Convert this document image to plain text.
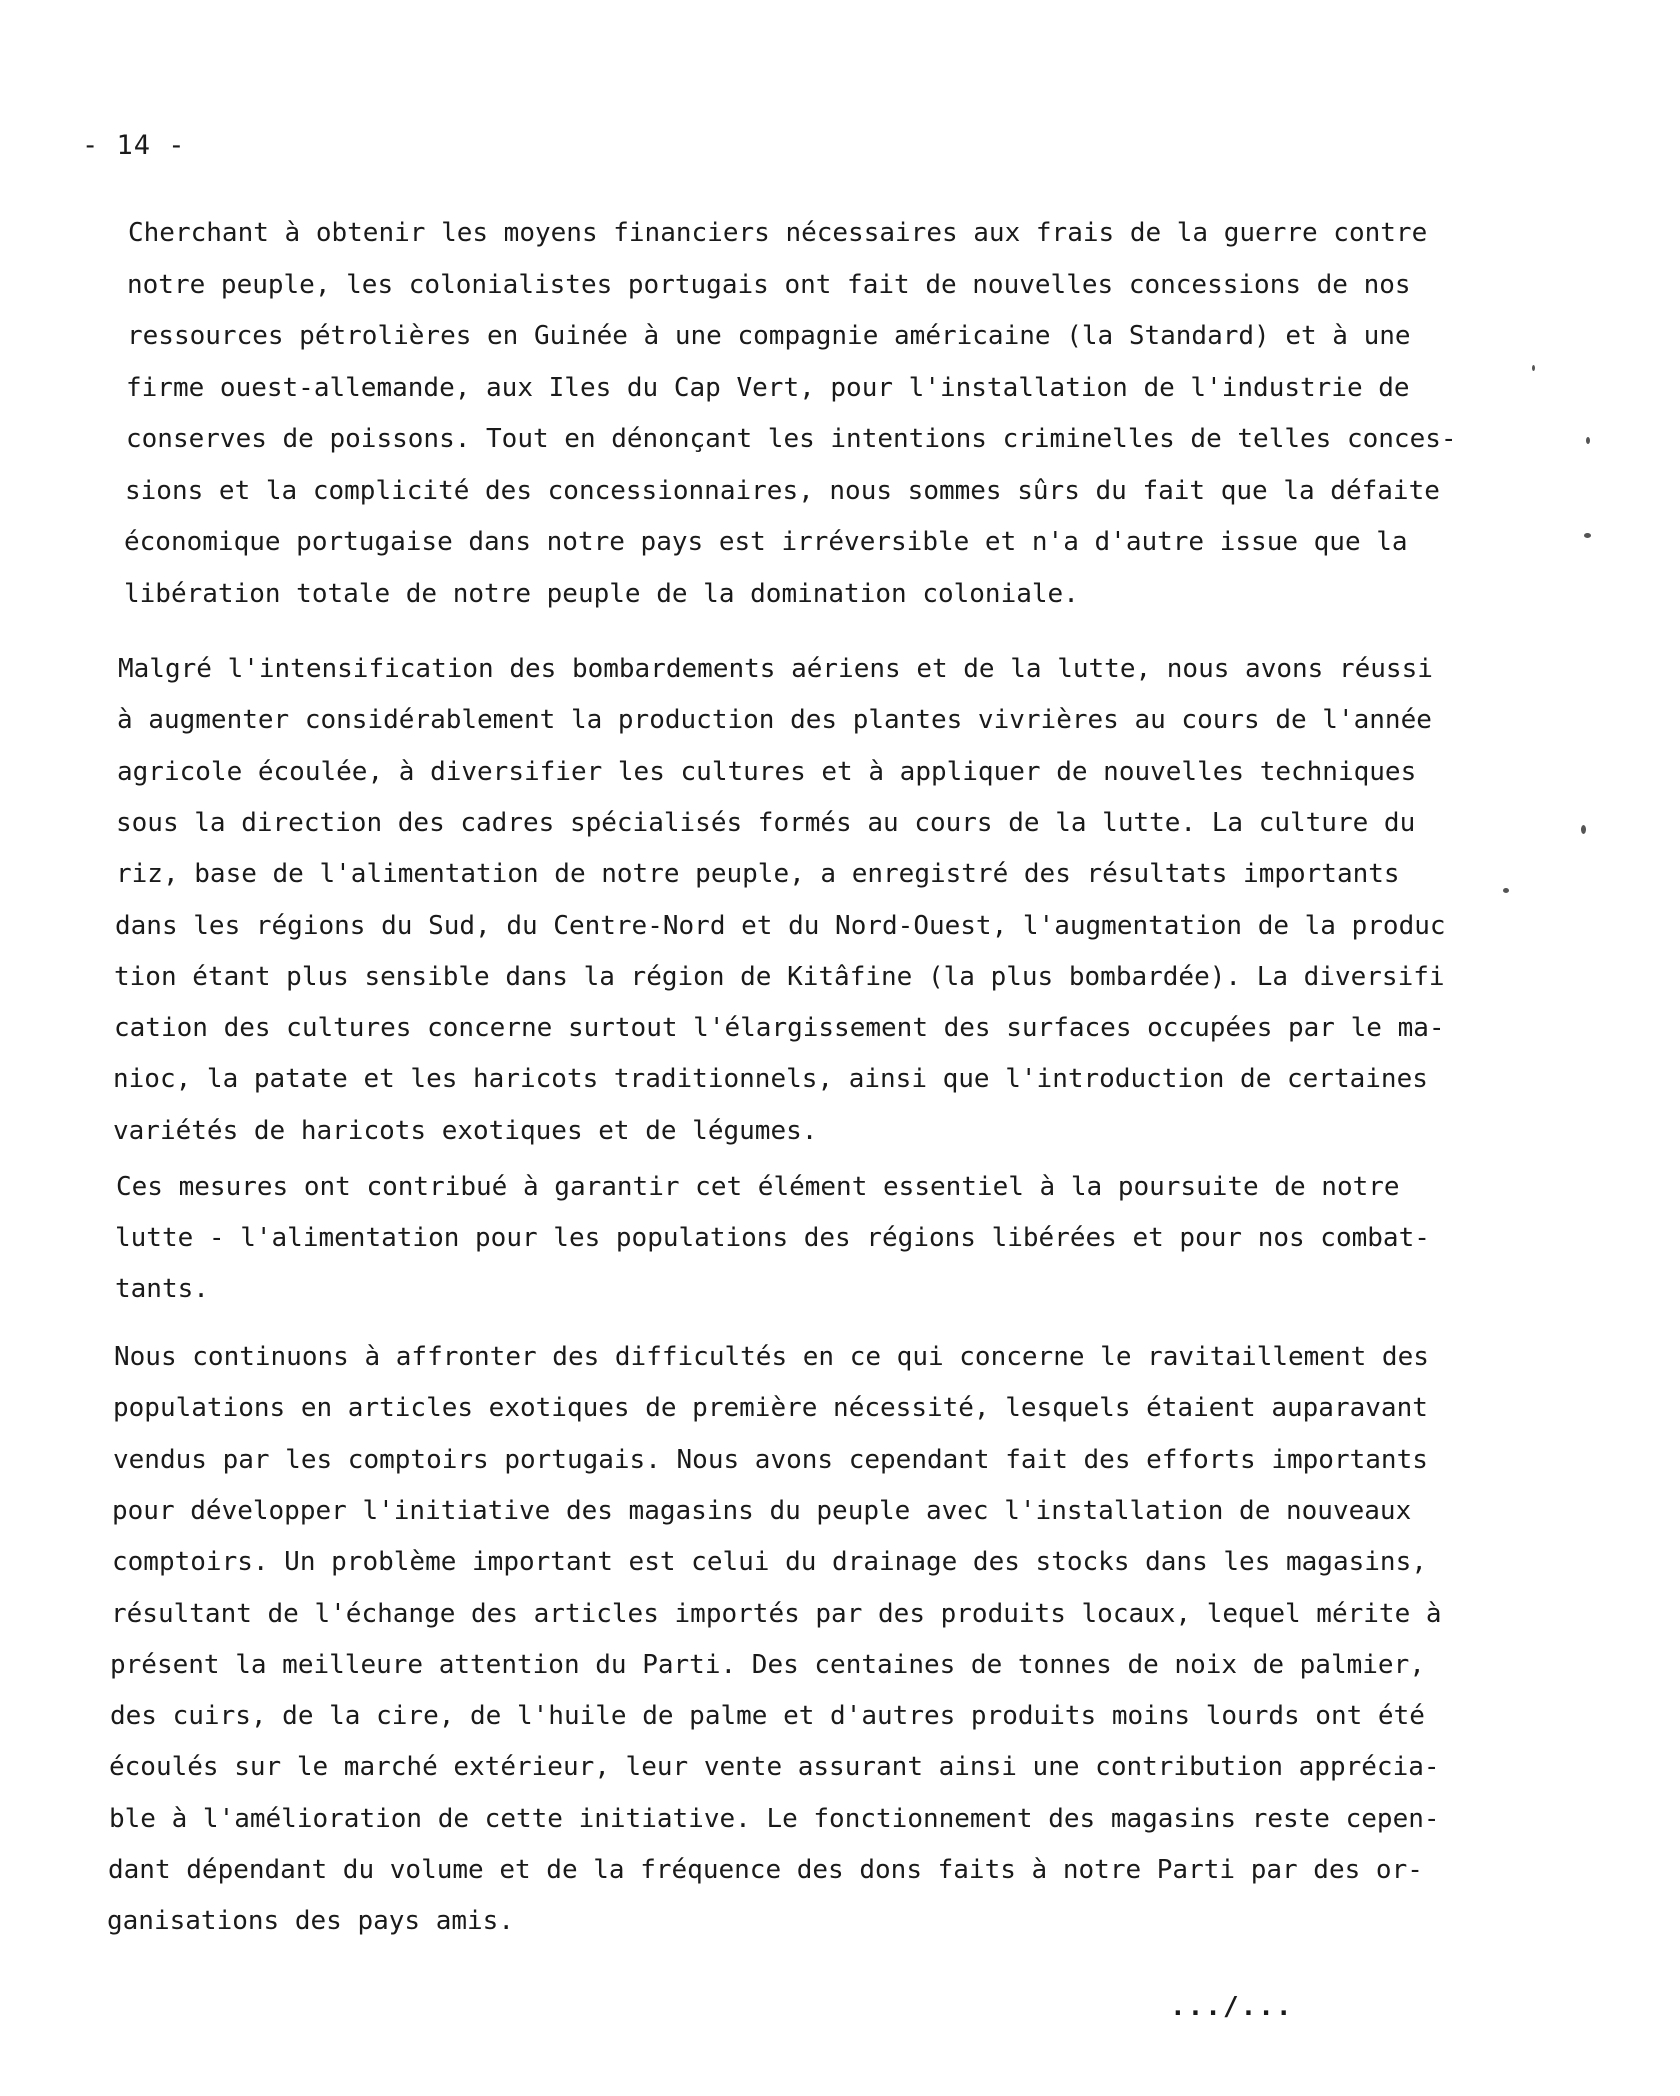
- 14 -
Cherchant à obtenir les moyens financiers nécessaires aux frais de la guerre contre
notre peuple, les colonialistes portugais ont fait de nouvelles concessions de nos
ressources pétrolières en Guinée à une compagnie américaine (la Standard) et à une
firme ouest-allemande, aux Iles du Cap Vert, pour l'installation de l'industrie de
conserves de poissons. Tout en dénonçant les intentions criminelles de telles conces-
sions et la complicité des concessionnaires, nous sommes sûrs du fait que la défaite
économique portugaise dans notre pays est irréversible et n'a d'autre issue que la
libération totale de notre peuple de la domination coloniale.
Malgré l'intensification des bombardements aériens et de la lutte, nous avons réussi
à augmenter considérablement la production des plantes vivrières au cours de l'année
agricole écoulée, à diversifier les cultures et à appliquer de nouvelles techniques
sous la direction des cadres spécialisés formés au cours de la lutte. La culture du
riz, base de l'alimentation de notre peuple, a enregistré des résultats importants
dans les régions du Sud, du Centre-Nord et du Nord-Ouest, l'augmentation de la produc
tion étant plus sensible dans la région de Kitâfine (la plus bombardée). La diversifi
cation des cultures concerne surtout l'élargissement des surfaces occupées par le ma-
nioc, la patate et les haricots traditionnels, ainsi que l'introduction de certaines
variétés de haricots exotiques et de légumes.
Ces mesures ont contribué à garantir cet élément essentiel à la poursuite de notre
lutte - l'alimentation pour les populations des régions libérées et pour nos combat-
tants.
Nous continuons à affronter des difficultés en ce qui concerne le ravitaillement des
populations en articles exotiques de première nécessité, lesquels étaient auparavant
vendus par les comptoirs portugais. Nous avons cependant fait des efforts importants
pour développer l'initiative des magasins du peuple avec l'installation de nouveaux
comptoirs. Un problème important est celui du drainage des stocks dans les magasins,
résultant de l'échange des articles importés par des produits locaux, lequel mérite à
présent la meilleure attention du Parti. Des centaines de tonnes de noix de palmier,
des cuirs, de la cire, de l'huile de palme et d'autres produits moins lourds ont été
écoulés sur le marché extérieur, leur vente assurant ainsi une contribution apprécia-
ble à l'amélioration de cette initiative. Le fonctionnement des magasins reste cepen-
dant dépendant du volume et de la fréquence des dons faits à notre Parti par des or-
ganisations des pays amis.
.../...
